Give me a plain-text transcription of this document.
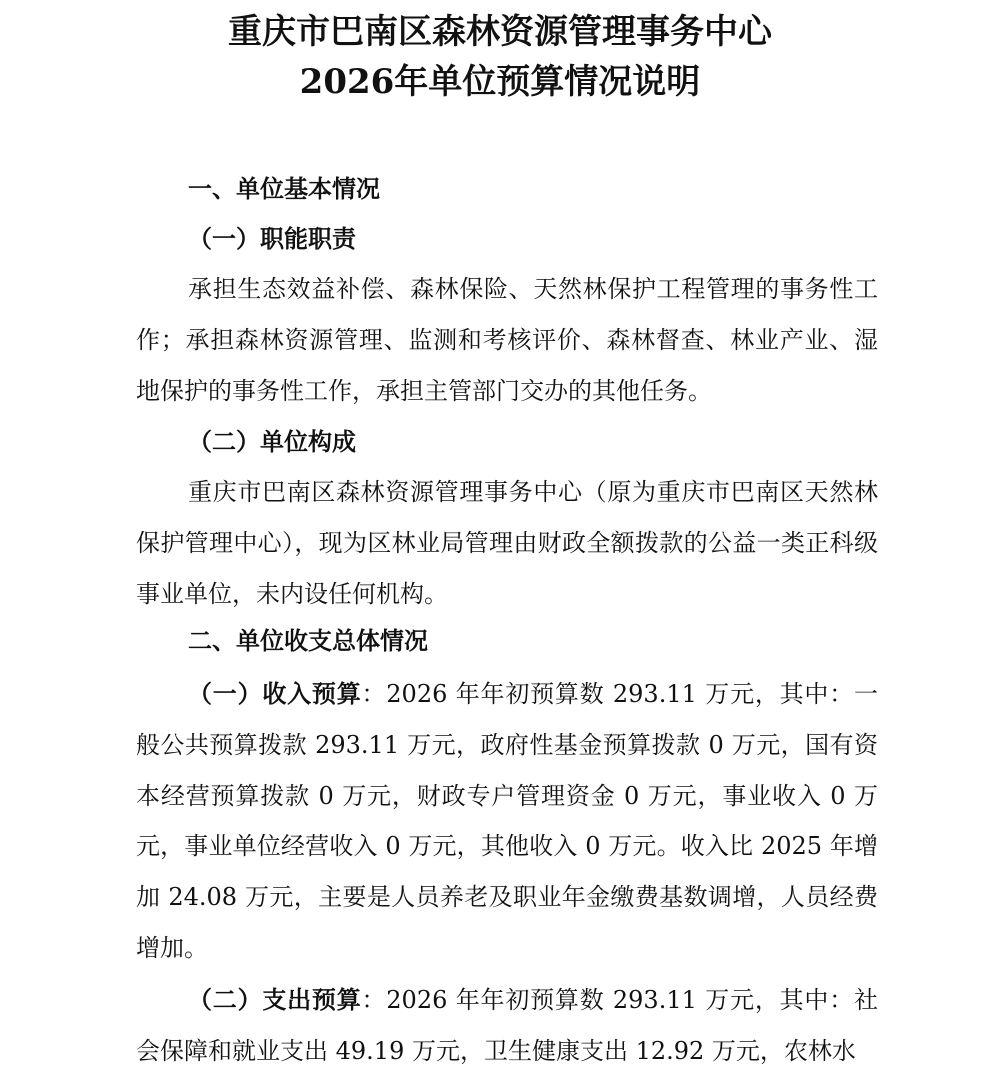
重庆市巴南区森林资源管理事务中心
2026年单位预算情况说明
一、单位基本情况
（一）职能职责

承担生态效益补偿、森林保险、天然林保护工程管理的事务性工作；承担森林资源管理、监测和考核评价、森林督查、林业产业、湿地保护的事务性工作，承担主管部门交办的其他任务。

（二）单位构成

重庆市巴南区森林资源管理事务中心（原为重庆市巴南区天然林保护管理中心），现为区林业局管理由财政全额拨款的公益一类正科级事业单位，未内设任何机构。

二、单位收支总体情况

（一）收入预算：2026 年年初预算数 293.11 万元，其中：一般公共预算拨款 293.11 万元，政府性基金预算拨款 0 万元，国有资本经营预算拨款 0 万元，财政专户管理资金 0 万元，事业收入 0 万元，事业单位经营收入 0 万元，其他收入 0 万元。收入比 2025 年增加 24.08 万元，主要是人员养老及职业年金缴费基数调增，人员经费增加。

（二）支出预算：2026 年年初预算数 293.11 万元，其中：社会保障和就业支出 49.19 万元，卫生健康支出 12.92 万元，农林水
